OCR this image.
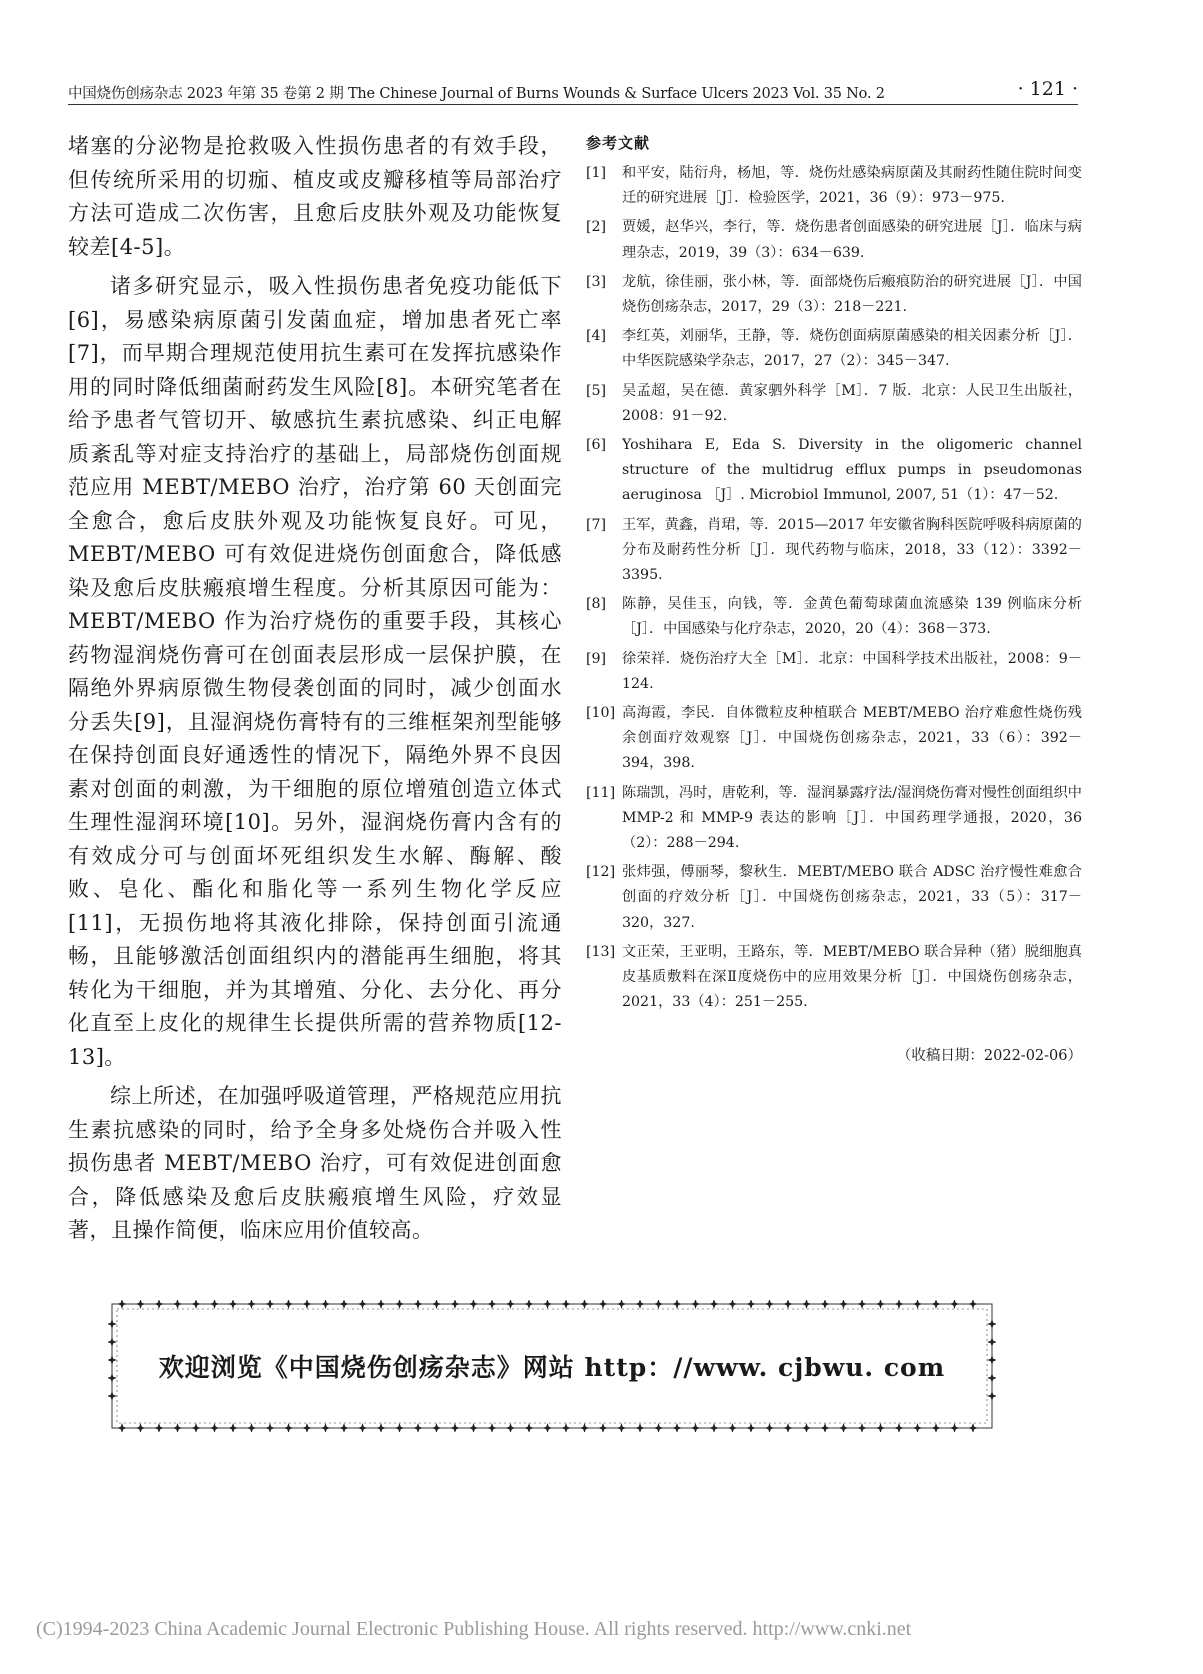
中国烧伤创疡杂志 2023 年第 35 卷第 2 期 The Chinese Journal of Burns Wounds & Surface Ulcers 2023 Vol. 35 No. 2	· 121 ·

堵塞的分泌物是抢救吸入性损伤患者的有效手段，但传统所采用的切痂、植皮或皮瓣移植等局部治疗方法可造成二次伤害，且愈后皮肤外观及功能恢复较差[4-5]。

诸多研究显示，吸入性损伤患者免疫功能低下[6]，易感染病原菌引发菌血症，增加患者死亡率[7]，而早期合理规范使用抗生素可在发挥抗感染作用的同时降低细菌耐药发生风险[8]。本研究笔者在给予患者气管切开、敏感抗生素抗感染、纠正电解质紊乱等对症支持治疗的基础上，局部烧伤创面规范应用 MEBT/MEBO 治疗，治疗第 60 天创面完全愈合，愈后皮肤外观及功能恢复良好。可见，MEBT/MEBO 可有效促进烧伤创面愈合，降低感染及愈后皮肤瘢痕增生程度。分析其原因可能为：MEBT/MEBO 作为治疗烧伤的重要手段，其核心药物湿润烧伤膏可在创面表层形成一层保护膜，在隔绝外界病原微生物侵袭创面的同时，减少创面水分丢失[9]，且湿润烧伤膏特有的三维框架剂型能够在保持创面良好通透性的情况下，隔绝外界不良因素对创面的刺激，为干细胞的原位增殖创造立体式生理性湿润环境[10]。另外，湿润烧伤膏内含有的有效成分可与创面坏死组织发生水解、酶解、酸败、皂化、酯化和脂化等一系列生物化学反应[11]，无损伤地将其液化排除，保持创面引流通畅，且能够激活创面组织内的潜能再生细胞，将其转化为干细胞，并为其增殖、分化、去分化、再分化直至上皮化的规律生长提供所需的营养物质[12-13]。

综上所述，在加强呼吸道管理，严格规范应用抗生素抗感染的同时，给予全身多处烧伤合并吸入性损伤患者 MEBT/MEBO 治疗，可有效促进创面愈合，降低感染及愈后皮肤瘢痕增生风险，疗效显著，且操作简便，临床应用价值较高。

参考文献
[1] 和平安，陆衍舟，杨旭，等．烧伤灶感染病原菌及其耐药性随住院时间变迁的研究进展［J］．检验医学，2021，36（9）：973－975.
[2] 贾媛，赵华兴，李行，等．烧伤患者创面感染的研究进展［J］．临床与病理杂志，2019，39（3）：634－639.
[3] 龙航，徐佳丽，张小林，等．面部烧伤后瘢痕防治的研究进展［J］．中国烧伤创疡杂志，2017，29（3）：218－221.
[4] 李红英，刘丽华，王静，等．烧伤创面病原菌感染的相关因素分析［J］．中华医院感染学杂志，2017，27（2）：345－347.
[5] 吴孟超，吴在德．黄家驷外科学［M］．7 版．北京：人民卫生出版社，2008：91－92.
[6] Yoshihara E, Eda S. Diversity in the oligomeric channel structure of the multidrug efflux pumps in pseudomonas aeruginosa ［J］. Microbiol Immunol, 2007, 51（1）：47－52.
[7] 王军，黄鑫，肖珺，等．2015—2017 年安徽省胸科医院呼吸科病原菌的分布及耐药性分析［J］．现代药物与临床，2018，33（12）：3392－3395.
[8] 陈静，吴佳玉，向钱，等．金黄色葡萄球菌血流感染 139 例临床分析［J］．中国感染与化疗杂志，2020，20（4）：368－373.
[9] 徐荣祥．烧伤治疗大全［M］．北京：中国科学技术出版社，2008：9－124.
[10] 高海霞，李民．自体微粒皮种植联合 MEBT/MEBO 治疗难愈性烧伤残余创面疗效观察［J］．中国烧伤创疡杂志，2021，33（6）：392－394，398.
[11] 陈瑞凯，冯时，唐乾利，等．湿润暴露疗法/湿润烧伤膏对慢性创面组织中 MMP-2 和 MMP-9 表达的影响［J］．中国药理学通报，2020，36（2）：288－294.
[12] 张炜强，傅丽琴，黎秋生．MEBT/MEBO 联合 ADSC 治疗慢性难愈合创面的疗效分析［J］．中国烧伤创疡杂志，2021，33（5）：317－320，327.
[13] 文正荣，王亚明，王路东，等．MEBT/MEBO 联合异种（猪）脱细胞真皮基质敷料在深Ⅱ度烧伤中的应用效果分析［J］．中国烧伤创疡杂志，2021，33（4）：251－255.
（收稿日期：2022-02-06）
欢迎浏览《中国烧伤创疡杂志》网站 http：//www. cjbwu. com
(C)1994-2023 China Academic Journal Electronic Publishing House. All rights reserved. http://www.cnki.net
